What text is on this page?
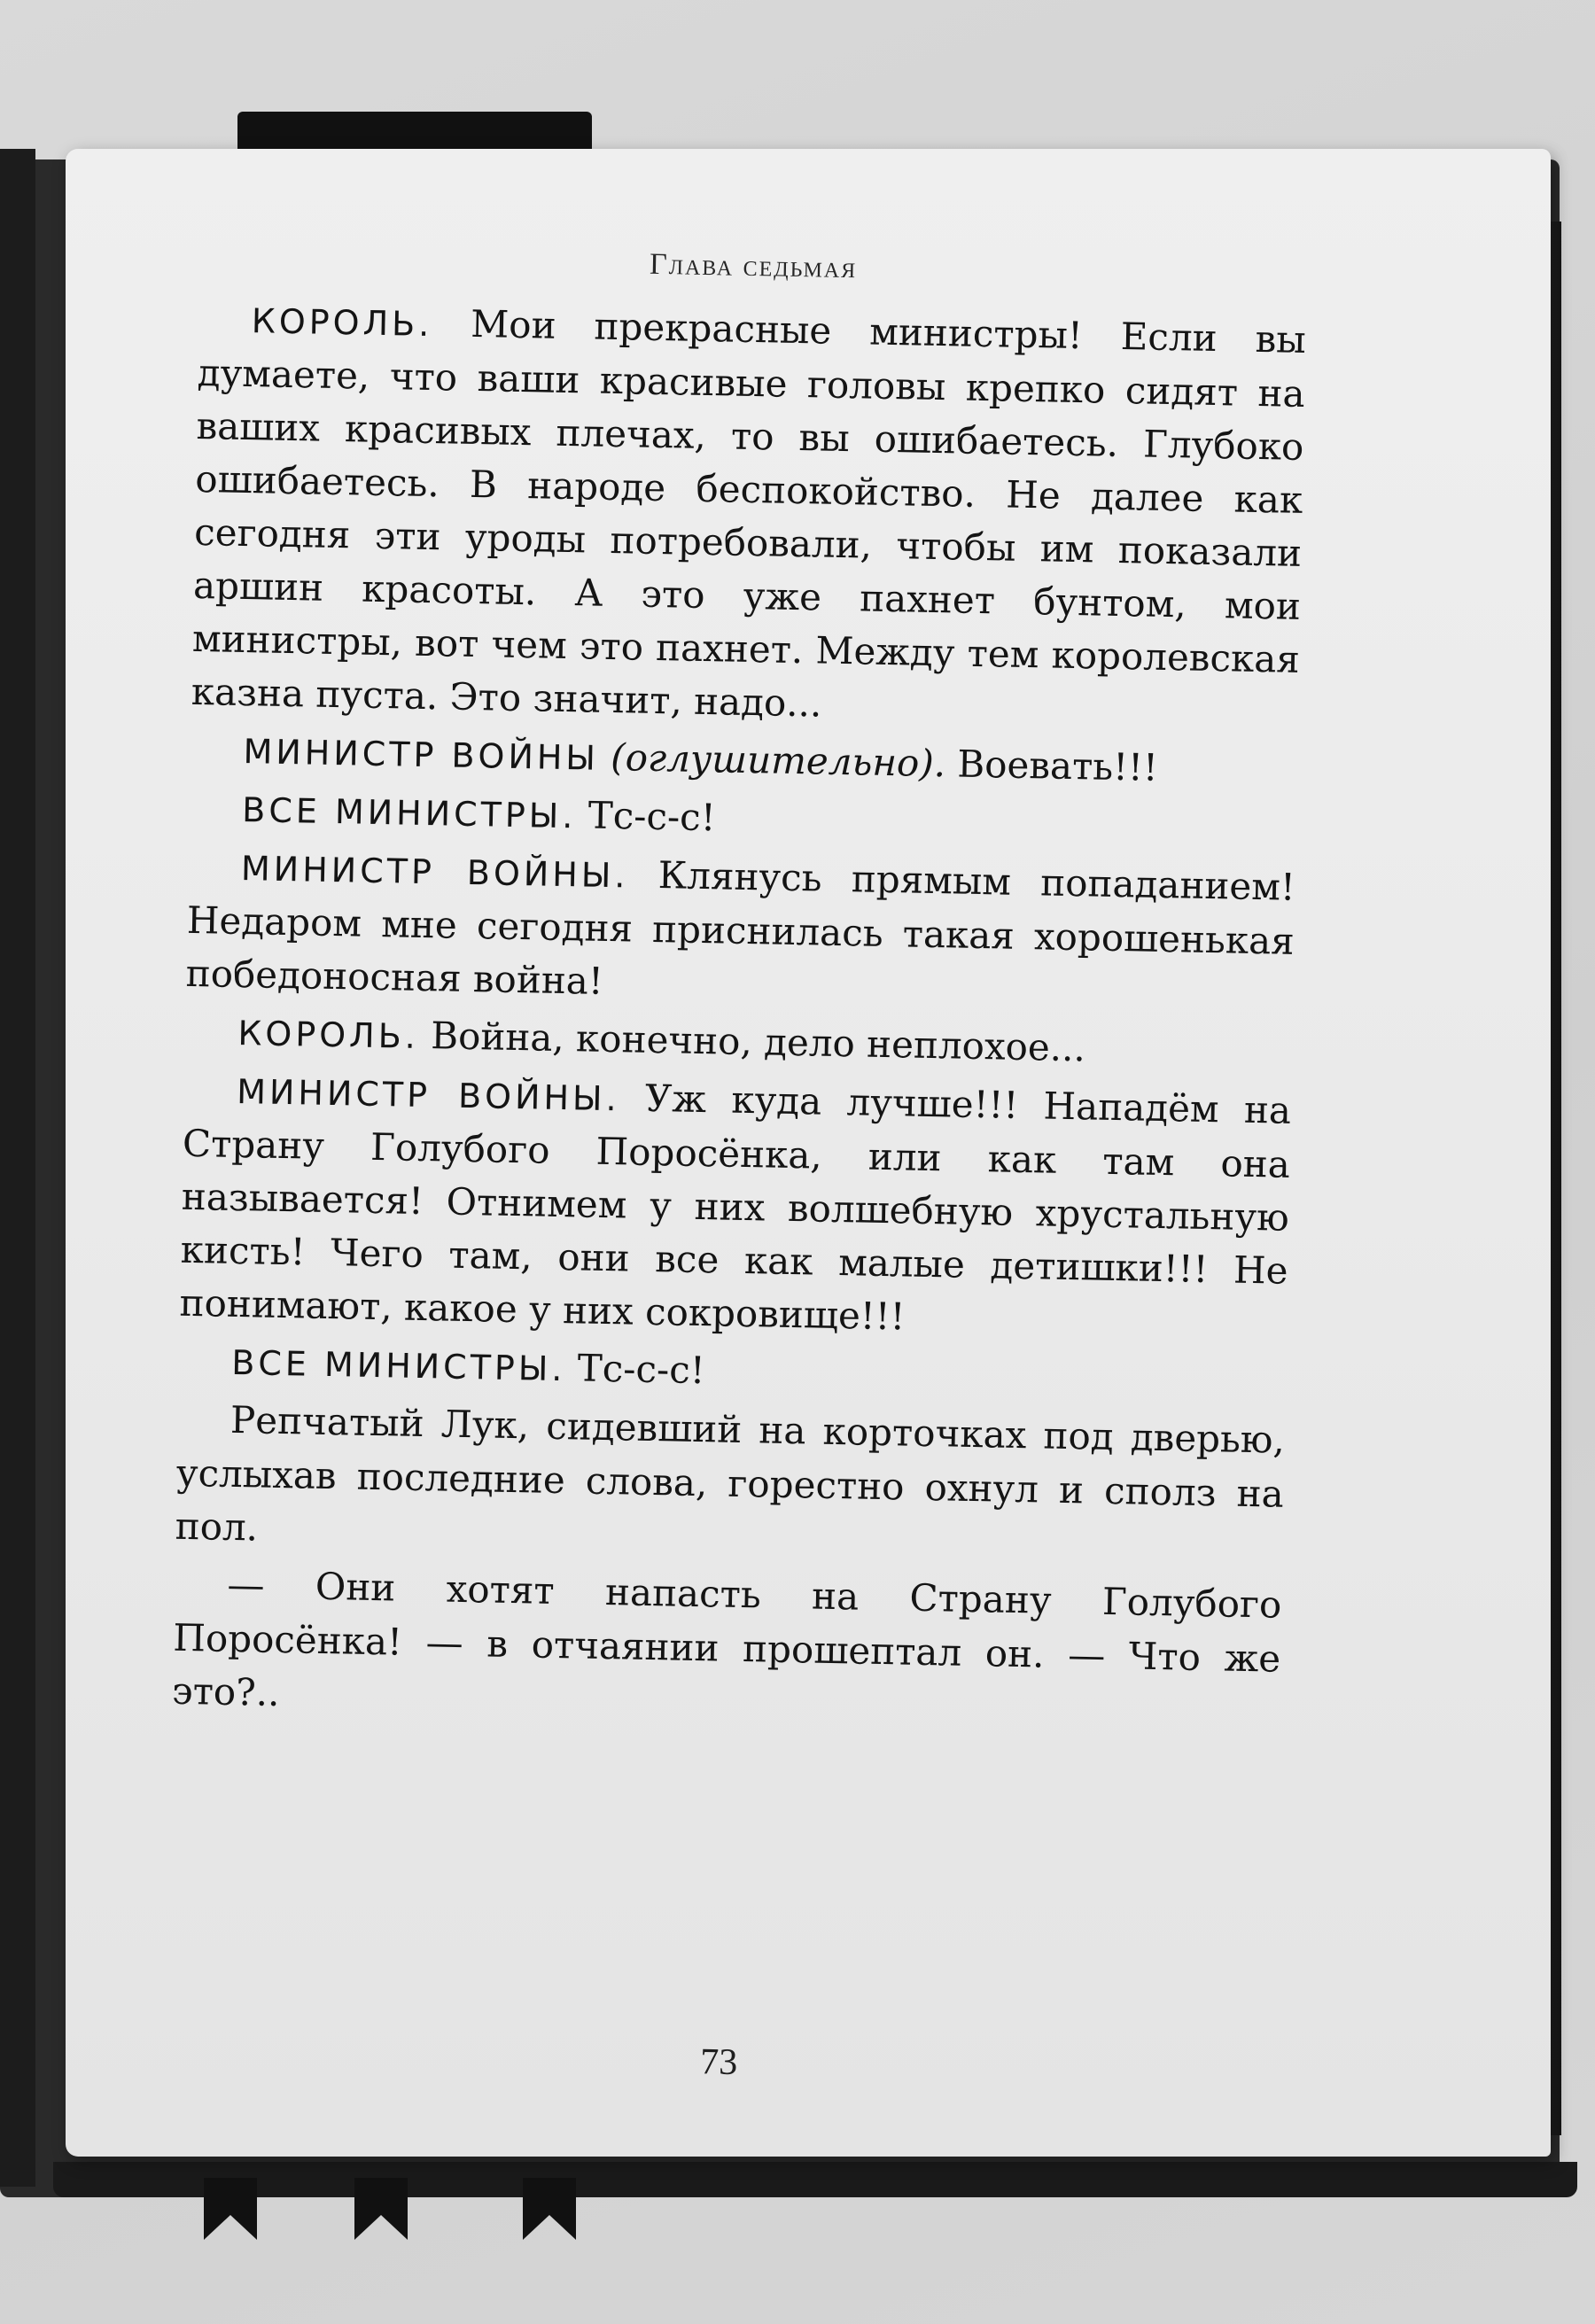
Глава седьмая

КОРОЛЬ. Мои прекрасные министры! Если вы думаете, что ваши красивые головы крепко сидят на ваших красивых плечах, то вы ошибаетесь. Глубоко ошибаетесь. В народе беспокойство. Не далее как сегодня эти уроды потребовали, чтобы им показали аршин красоты. А это уже пахнет бунтом, мои министры, вот чем это пахнет. Между тем королевская казна пуста. Это значит, надо...

МИНИСТР ВОЙНЫ (оглушительно). Воевать!!!

ВСЕ МИНИСТРЫ. Тс-с-с!

МИНИСТР ВОЙНЫ. Клянусь прямым попаданием! Недаром мне сегодня приснилась такая хорошенькая победоносная война!

КОРОЛЬ. Война, конечно, дело неплохое...

МИНИСТР ВОЙНЫ. Уж куда лучше!!! Нападём на Страну Голубого Поросёнка, или как там она называется! Отнимем у них волшебную хрустальную кисть! Чего там, они все как малые детишки!!! Не понимают, какое у них сокровище!!!

ВСЕ МИНИСТРЫ. Тс-с-с!

Репчатый Лук, сидевший на корточках под дверью, услыхав последние слова, горестно охнул и сполз на пол.

— Они хотят напасть на Страну Голубого Поросёнка! — в отчаянии прошептал он. — Что же это?..

73
